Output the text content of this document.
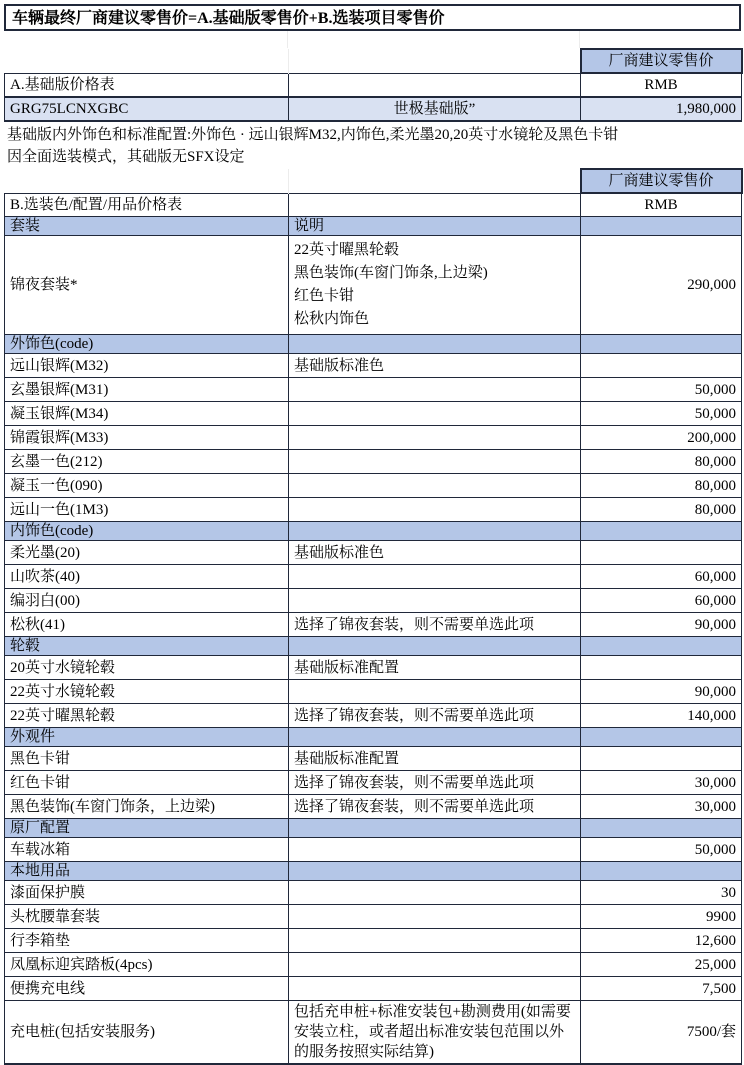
车辆最终厂商建议零售价=A.基础版零售价+B.选装项目零售价
		厂商建议零售价
A.基础版价格表		RMB
GRG75LCNXGBC	世极基础版”	1,980,000
基础版内外饰色和标准配置:外饰色 · 远山银辉M32,内饰色,柔光墨20,20英寸水镜轮及黑色卡钳
因全面选装模式，其础版无SFX设定
		厂商建议零售价
B.选装色/配置/用品价格表		RMB
套装	说明	
锦夜套装*	22英寸曜黑轮毂
黑色装饰(车窗门饰条,上边梁)
红色卡钳
松秋内饰色	290,000
外饰色(code)		
远山银辉(M32)	基础版标准色	
玄墨银辉(M31)		50,000
凝玉银辉(M34)		50,000
锦霞银辉(M33)		200,000
玄墨一色(212)		80,000
凝玉一色(090)		80,000
远山一色(1M3)		80,000
内饰色(code)		
柔光墨(20)	基础版标准色	
山吹茶(40)		60,000
编羽白(00)		60,000
松秋(41)	选择了锦夜套装，则不需要单选此项	90,000
轮毂		
20英寸水镜轮毂	基础版标准配置	
22英寸水镜轮毂		90,000
22英寸曜黑轮毂	选择了锦夜套装，则不需要单选此项	140,000
外观件		
黑色卡钳	基础版标准配置	
红色卡钳	选择了锦夜套装，则不需要单选此项	30,000
黑色装饰(车窗门饰条，上边梁)	选择了锦夜套装，则不需要单选此项	30,000
原厂配置		
车载冰箱		50,000
本地用品		
漆面保护膜		30
头枕腰靠套装		9900
行李箱垫		12,600
凤凰标迎宾踏板(4pcs)		25,000
便携充电线		7,500
充电桩(包括安装服务)	包括充申桩+标准安装包+勘测费用(如需要安装立柱，或者超出标准安装包范围以外的服务按照实际结算)	7500/套
